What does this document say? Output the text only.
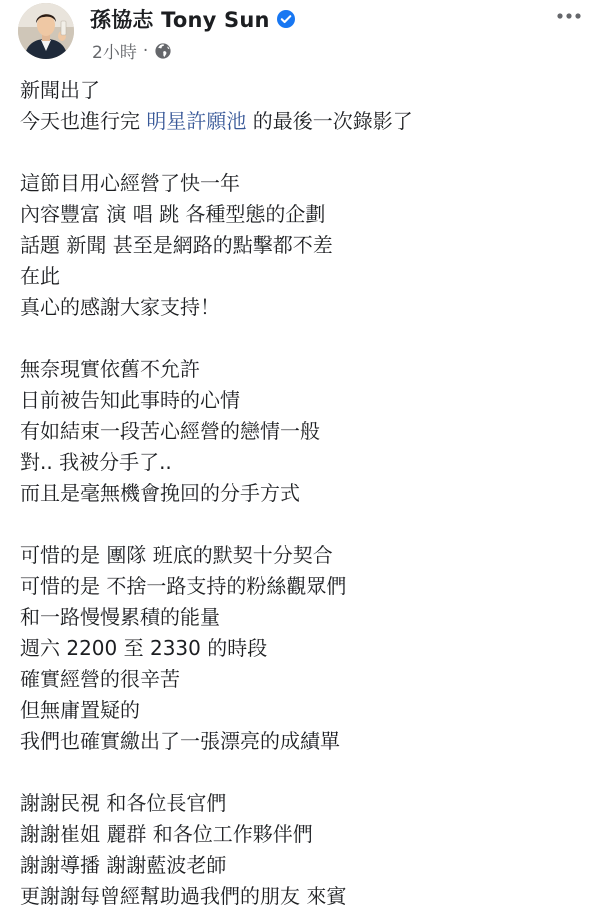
孫協志 Tony Sun
2小時 ·
新聞出了
今天也進行完 明星許願池 的最後一次錄影了
這節目用心經營了快一年
內容豐富 演 唱 跳 各種型態的企劃
話題 新聞 甚至是網路的點擊都不差
在此
真心的感謝大家支持！
無奈現實依舊不允許
日前被告知此事時的心情
有如結束一段苦心經營的戀情一般
對.. 我被分手了..
而且是毫無機會挽回的分手方式
可惜的是 團隊 班底的默契十分契合
可惜的是 不捨一路支持的粉絲觀眾們
和一路慢慢累積的能量
週六 2200 至 2330 的時段
確實經營的很辛苦
但無庸置疑的
我們也確實繳出了一張漂亮的成績單
謝謝民視 和各位長官們
謝謝崔姐 麗群 和各位工作夥伴們
謝謝導播 謝謝藍波老師
更謝謝每曾經幫助過我們的朋友 來賓
